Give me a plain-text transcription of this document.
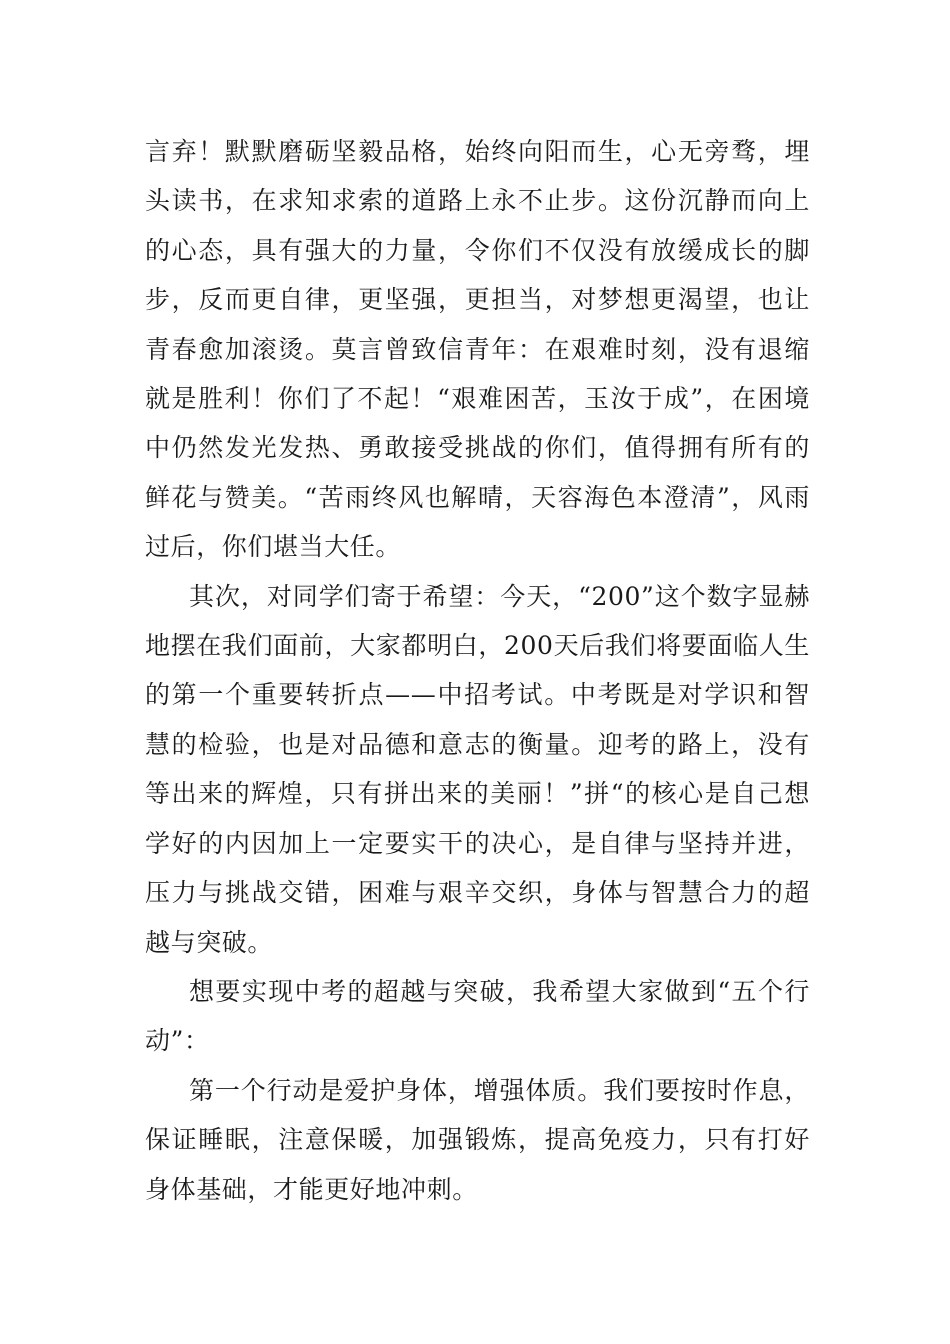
言弃！默默磨砺坚毅品格，始终向阳而生，心无旁骛，埋头读书，在求知求索的道路上永不止步。这份沉静而向上的心态，具有强大的力量，令你们不仅没有放缓成长的脚步，反而更自律，更坚强，更担当，对梦想更渴望，也让青春愈加滚烫。莫言曾致信青年：在艰难时刻，没有退缩就是胜利！你们了不起！“艰难困苦，玉汝于成”，在困境中仍然发光发热、勇敢接受挑战的你们，值得拥有所有的鲜花与赞美。“苦雨终风也解晴，天容海色本澄清”，风雨过后，你们堪当大任。

其次，对同学们寄于希望：今天，“200”这个数字显赫地摆在我们面前，大家都明白，200天后我们将要面临人生的第一个重要转折点——中招考试。中考既是对学识和智慧的检验，也是对品德和意志的衡量。迎考的路上，没有等出来的辉煌，只有拼出来的美丽！”拼“的核心是自己想学好的内因加上一定要实干的决心，是自律与坚持并进，压力与挑战交错，困难与艰辛交织，身体与智慧合力的超越与突破。

想要实现中考的超越与突破，我希望大家做到“五个行动”：

第一个行动是爱护身体，增强体质。我们要按时作息，保证睡眠，注意保暖，加强锻炼，提高免疫力，只有打好身体基础，才能更好地冲刺。
